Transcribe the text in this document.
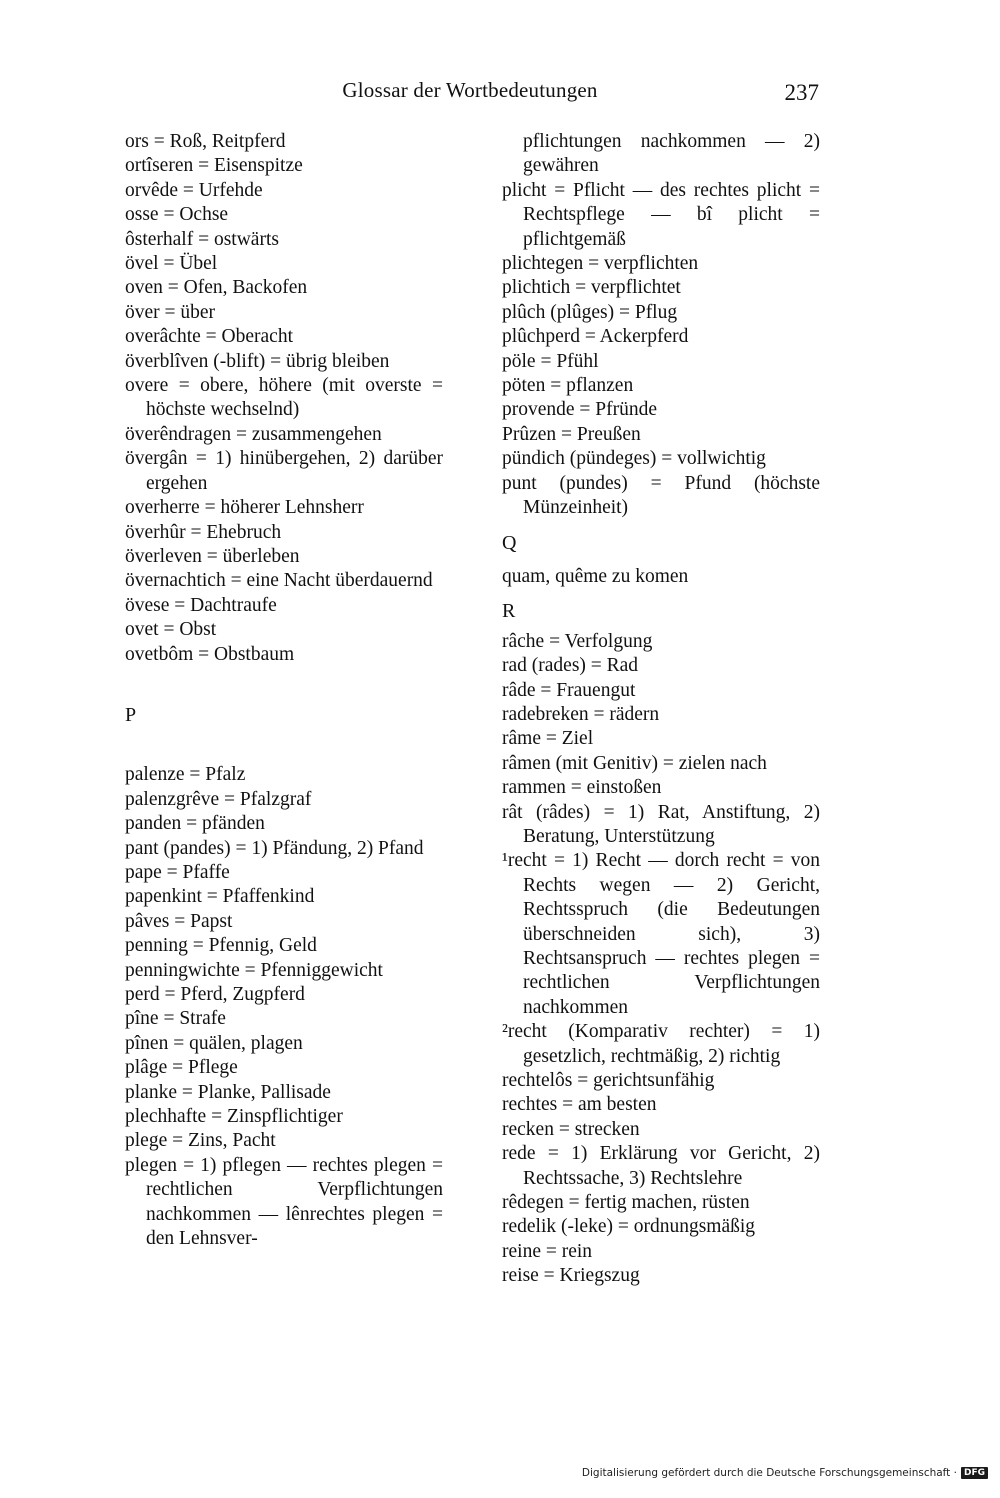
Glossar der Wortbedeutungen	237

ors = Roß, Reitpferd

ortîseren = Eisenspitze

orvêde = Urfehde

osse = Ochse

ôsterhalf = ostwärts

övel = Übel

oven = Ofen, Backofen

över = über

overâchte = Oberacht

överblîven (-blift) = übrig bleiben

overe = obere, höhere (mit overste = höchste wechselnd)

överêndragen = zusammengehen

övergân = 1) hinübergehen, 2) darüber ergehen

overherre = höherer Lehnsherr

överhûr = Ehebruch

överleven = überleben

övernachtich = eine Nacht überdauernd

övese = Dachtraufe

ovet = Obst

ovetbôm = Obstbaum

P

palenze = Pfalz

palenzgrêve = Pfalzgraf

panden = pfänden

pant (pandes) = 1) Pfändung, 2) Pfand

pape = Pfaffe

papenkint = Pfaffenkind

pâves = Papst

penning = Pfennig, Geld

penningwichte = Pfenniggewicht

perd = Pferd, Zugpferd

pîne = Strafe

pînen = quälen, plagen

plâge = Pflege

planke = Planke, Pallisade

plechhafte = Zinspflichtiger

plege = Zins, Pacht

plegen = 1) pflegen — rechtes plegen = rechtlichen Verpflichtungen nachkommen — lênrechtes plegen = den Lehnsver-

pflichtungen nachkommen — 2) gewähren

plicht = Pflicht — des rechtes plicht = Rechtspflege — bî plicht = pflichtgemäß

plichtegen = verpflichten

plichtich = verpflichtet

plûch (plûges) = Pflug

plûchperd = Ackerpferd

pöle = Pfühl

pöten = pflanzen

provende = Pfründe

Prûzen = Preußen

pündich (pündeges) = vollwichtig

punt (pundes) = Pfund (höchste Münzeinheit)

Q

quam, quême zu komen

R

râche = Verfolgung

rad (rades) = Rad

râde = Frauengut

radebreken = rädern

râme = Ziel

râmen (mit Genitiv) = zielen nach

rammen = einstoßen

rât (râdes) = 1) Rat, Anstiftung, 2) Beratung, Unterstützung

¹recht = 1) Recht — dorch recht = von Rechts wegen — 2) Gericht, Rechtsspruch (die Bedeutungen überschneiden sich), 3) Rechtsanspruch — rechtes plegen = rechtlichen Verpflichtungen nachkommen

²recht (Komparativ rechter) = 1) gesetzlich, rechtmäßig, 2) richtig

rechtelôs = gerichtsunfähig

rechtes = am besten

recken = strecken

rede = 1) Erklärung vor Gericht, 2) Rechtssache, 3) Rechtslehre

rêdegen = fertig machen, rüsten

redelik (-leke) = ordnungsmäßig

reine = rein

reise = Kriegszug

Digitalisierung gefördert durch die Deutsche Forschungsgemeinschaft · DFG
